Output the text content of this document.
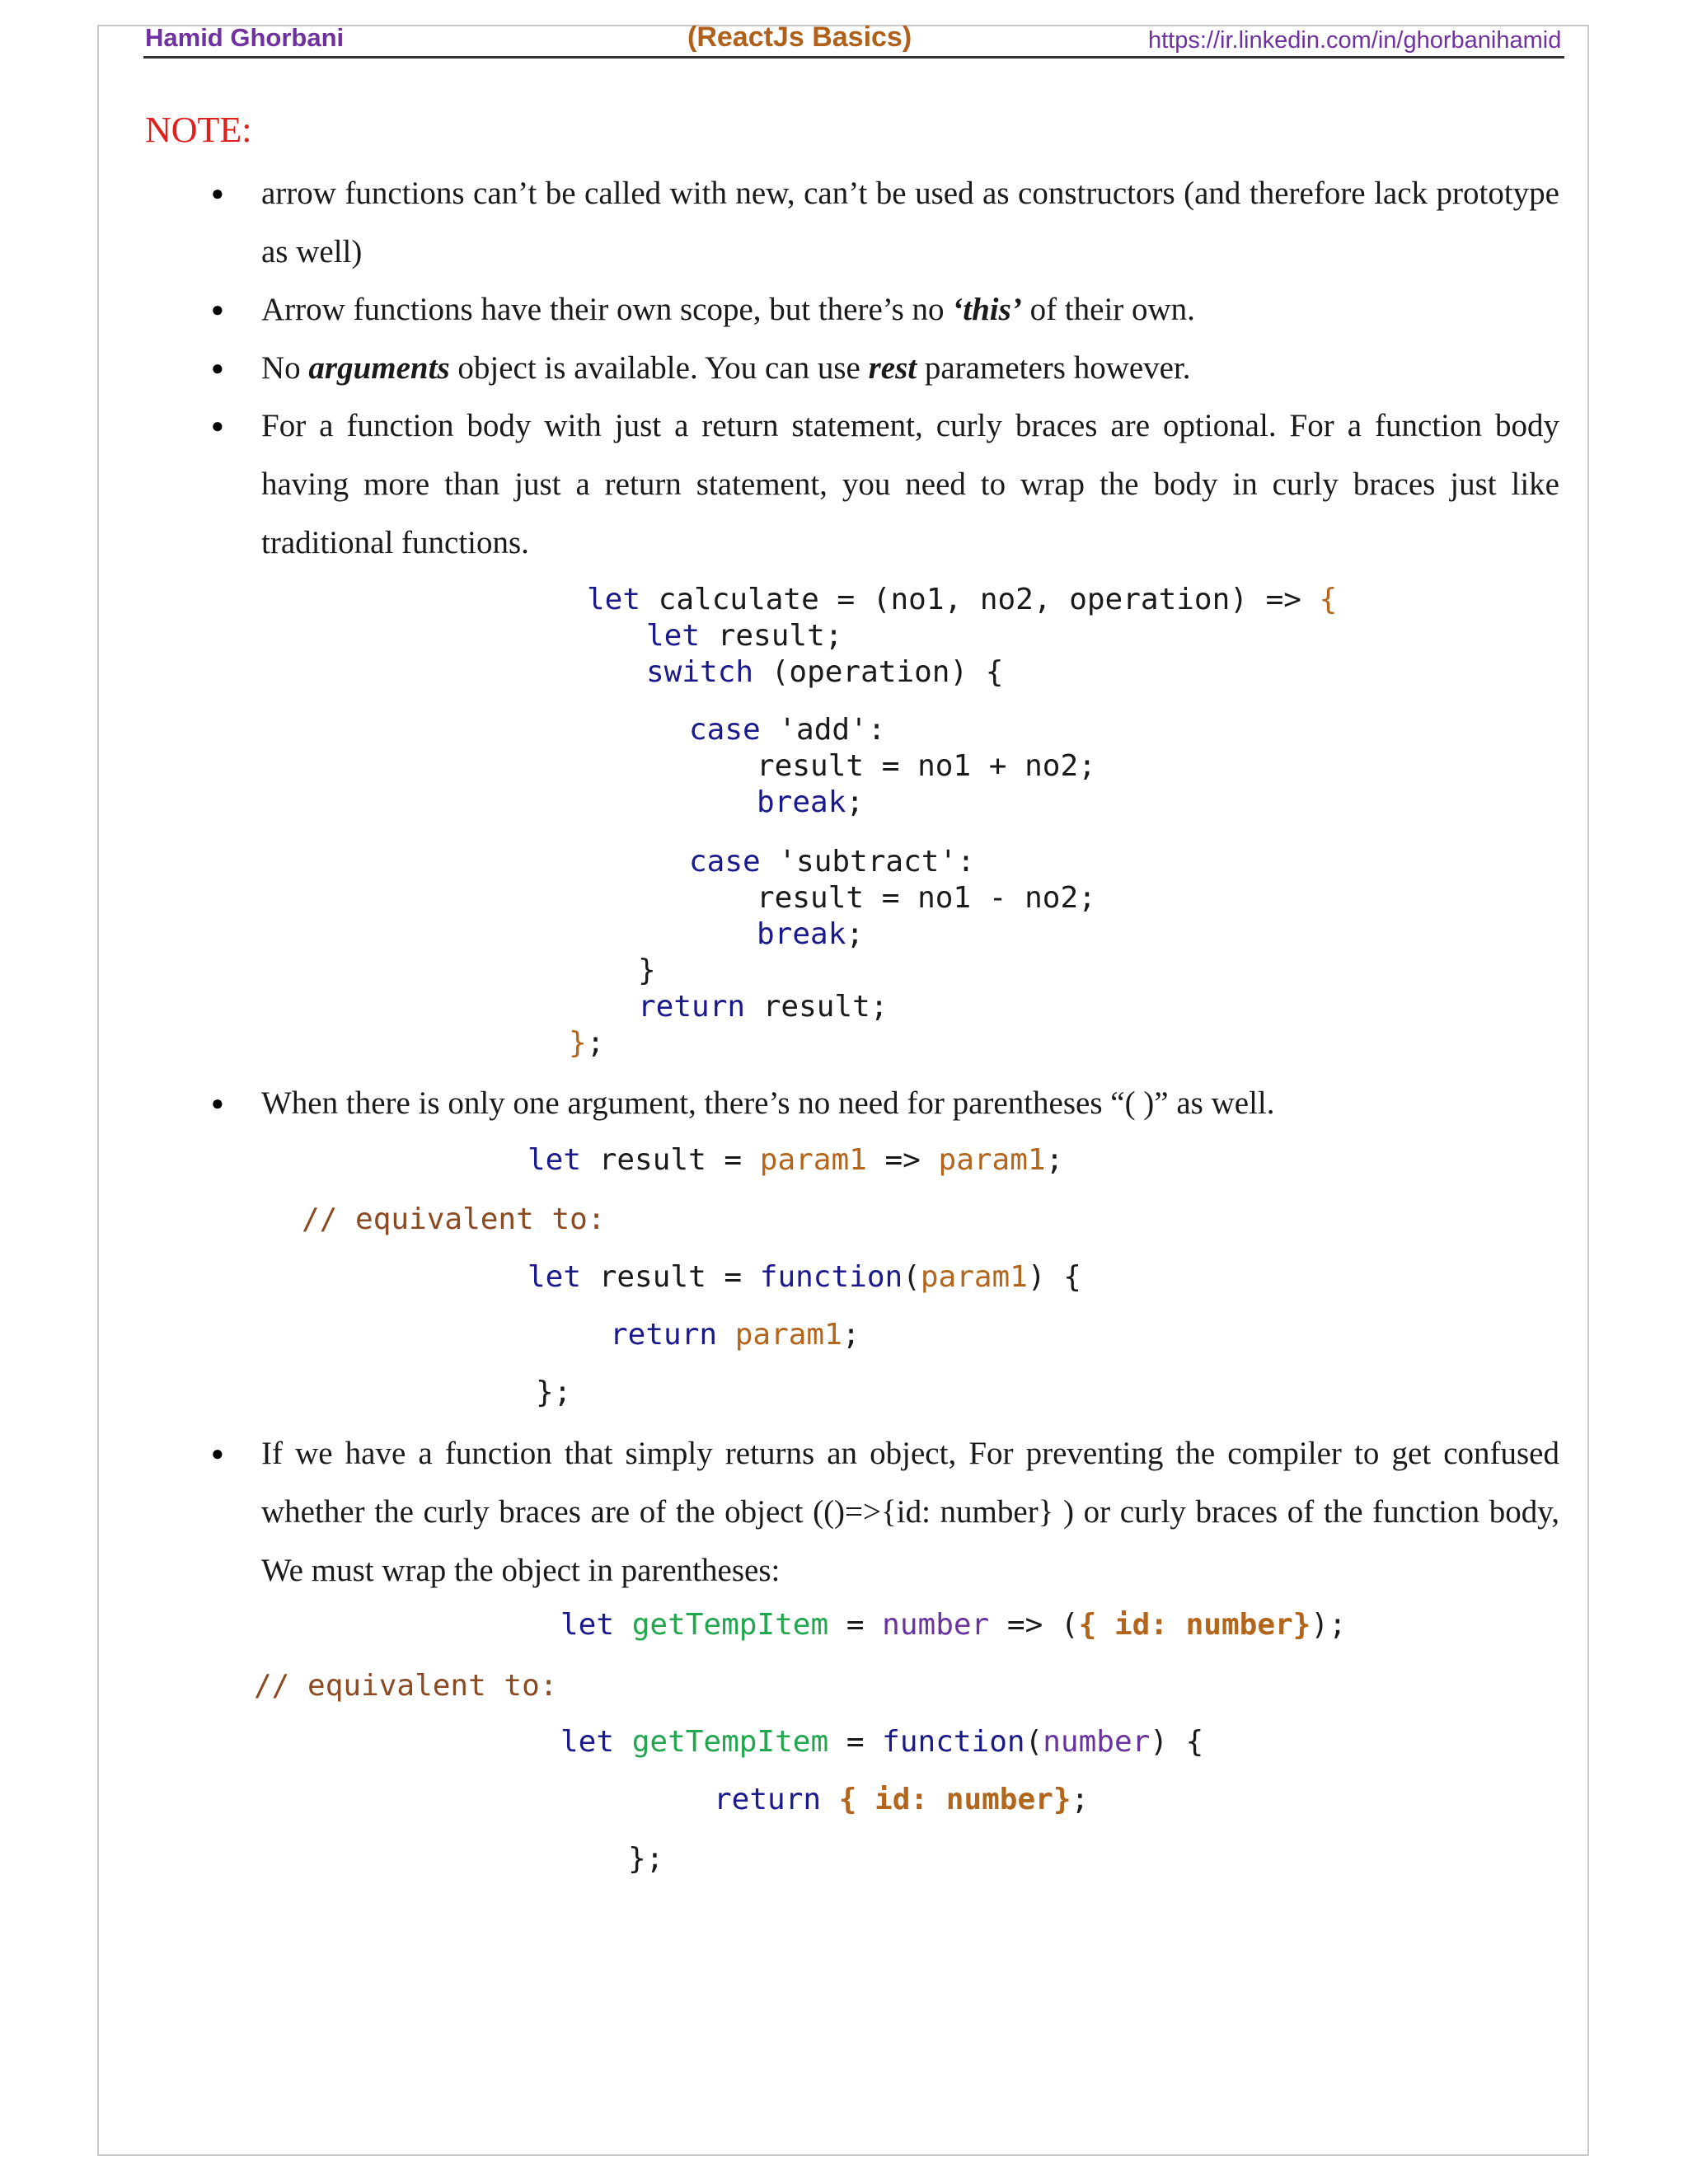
Hamid Ghorbani	(ReactJs Basics)	https://ir.linkedin.com/in/ghorbanihamid
NOTE:
● arrow functions can’t be called with new, can’t be used as constructors (and therefore lack prototype as well)
● Arrow functions have their own scope, but there’s no ‘this’ of their own.
● No arguments object is available. You can use rest parameters however.
● For a function body with just a return statement, curly braces are optional. For a function body having more than just a return statement, you need to wrap the body in curly braces just like traditional functions.
let calculate = (no1, no2, operation) => {
let result;
switch (operation) {
case 'add':
result = no1 + no2;
break;
case 'subtract':
result = no1 - no2;
break;
}
return result;
};
● When there is only one argument, there’s no need for parentheses “( )” as well.
let result = param1 => param1;
// equivalent to:
let result = function(param1) {
return param1;
};
● If we have a function that simply returns an object, For preventing the compiler to get confused whether the curly braces are of the object (()=>{id: number} ) or curly braces of the function body, We must wrap the object in parentheses:
let getTempItem = number => ({ id: number});
// equivalent to:
let getTempItem = function(number) {
return { id: number};
};
